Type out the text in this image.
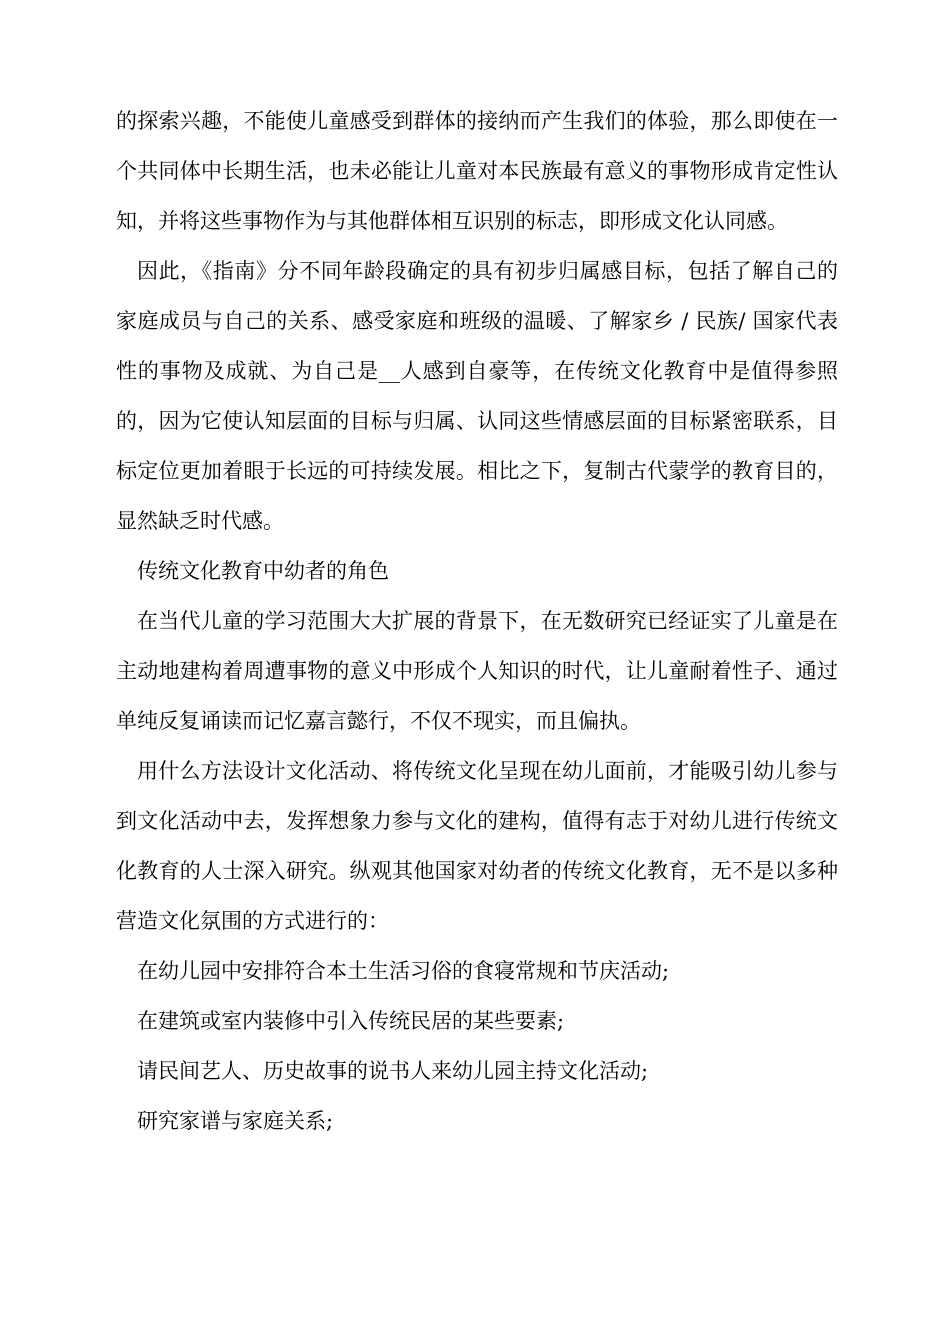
的探索兴趣，不能使儿童感受到群体的接纳而产生我们的体验，那么即使在一个共同体中长期生活，也未必能让儿童对本民族最有意义的事物形成肯定性认知，并将这些事物作为与其他群体相互识别的标志，即形成文化认同感。

因此，《指南》分不同年龄段确定的具有初步归属感目标，包括了解自己的家庭成员与自己的关系、感受家庭和班级的温暖、了解家乡 / 民族/ 国家代表性的事物及成就、为自己是__人感到自豪等，在传统文化教育中是值得参照的，因为它使认知层面的目标与归属、认同这些情感层面的目标紧密联系，目标定位更加着眼于长远的可持续发展。相比之下，复制古代蒙学的教育目的，显然缺乏时代感。

传统文化教育中幼者的角色

在当代儿童的学习范围大大扩展的背景下，在无数研究已经证实了儿童是在主动地建构着周遭事物的意义中形成个人知识的时代，让儿童耐着性子、通过单纯反复诵读而记忆嘉言懿行，不仅不现实，而且偏执。

用什么方法设计文化活动、将传统文化呈现在幼儿面前，才能吸引幼儿参与到文化活动中去，发挥想象力参与文化的建构，值得有志于对幼儿进行传统文化教育的人士深入研究。纵观其他国家对幼者的传统文化教育，无不是以多种营造文化氛围的方式进行的：

在幼儿园中安排符合本土生活习俗的食寝常规和节庆活动;

在建筑或室内装修中引入传统民居的某些要素;

请民间艺人、历史故事的说书人来幼儿园主持文化活动;

研究家谱与家庭关系;
